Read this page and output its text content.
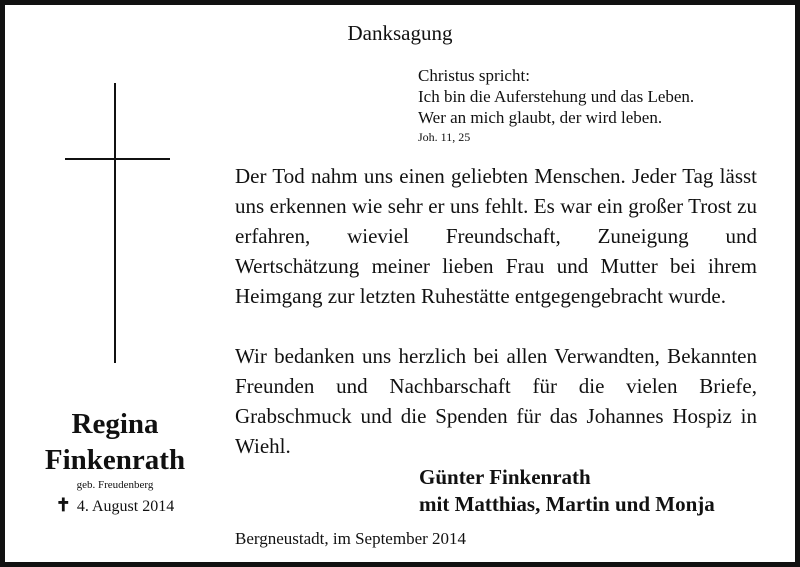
Danksagung
Christus spricht:
Ich bin die Auferstehung und das Leben.
Wer an mich glaubt, der wird leben.
Joh. 11, 25

Der Tod nahm uns einen geliebten Menschen. Jeder Tag lässt uns erkennen wie sehr er uns fehlt. Es war ein großer Trost zu erfahren, wieviel Freundschaft, Zuneigung und Wertschätzung meiner lieben Frau und Mutter bei ihrem Heimgang zur letzten Ruhestätte entgegengebracht wurde.

Wir bedanken uns herzlich bei allen Verwandten, Bekannten Freunden und Nachbarschaft für die vielen Briefe, Grabschmuck und die Spenden für das Johannes Hospiz in Wiehl.

Regina
Finkenrath
geb. Freudenberg
✝ 4. August 2014
Günter Finkenrath
mit Matthias, Martin und Monja
Bergneustadt, im September 2014
